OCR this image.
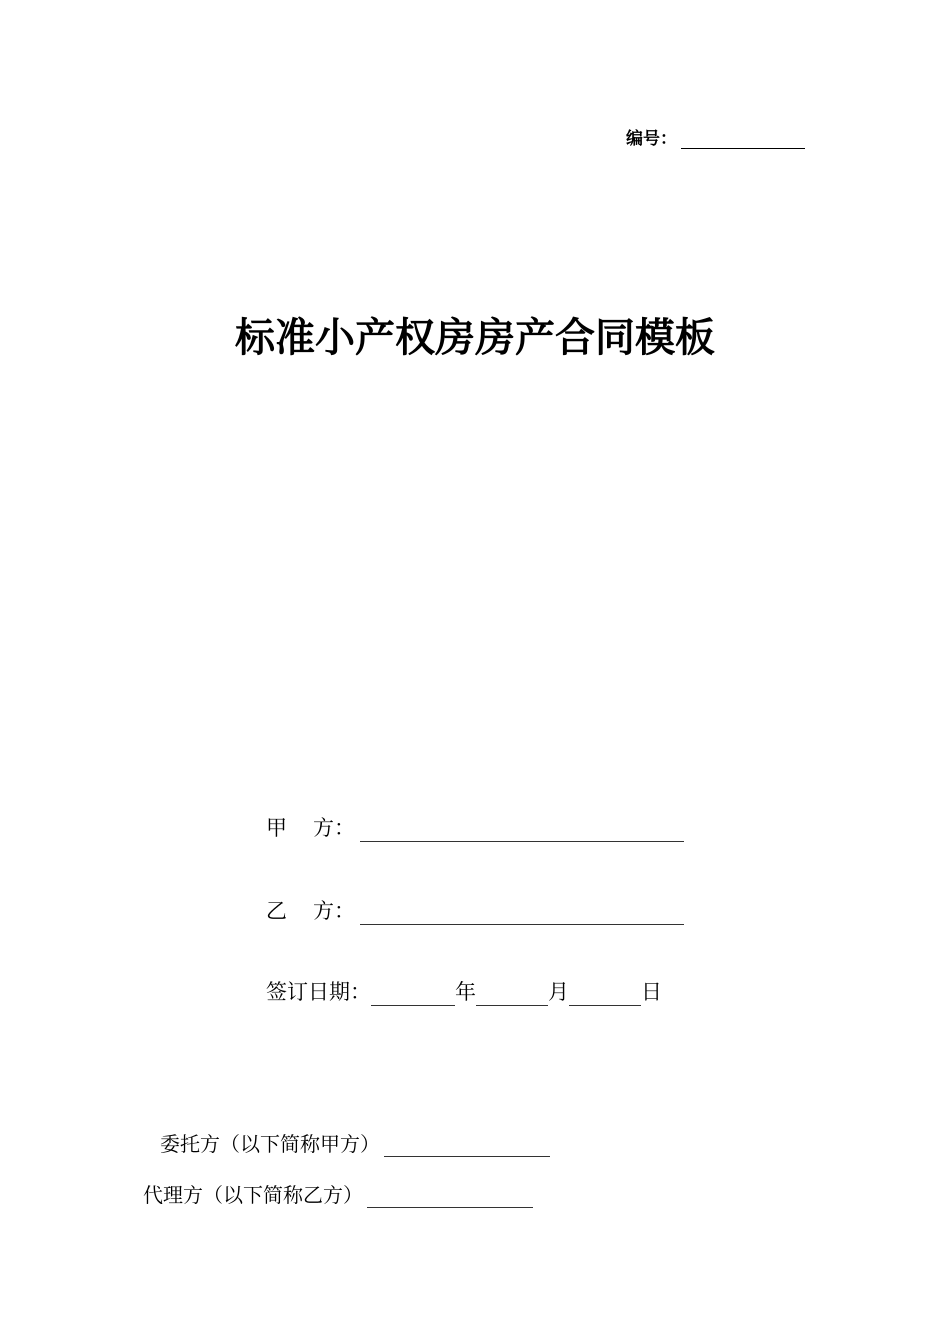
编号：
标准小产权房房产合同模板
甲 方：
乙 方：
签订日期：	年	月	日
委托方（以下简称甲方）
代理方（以下简称乙方）
